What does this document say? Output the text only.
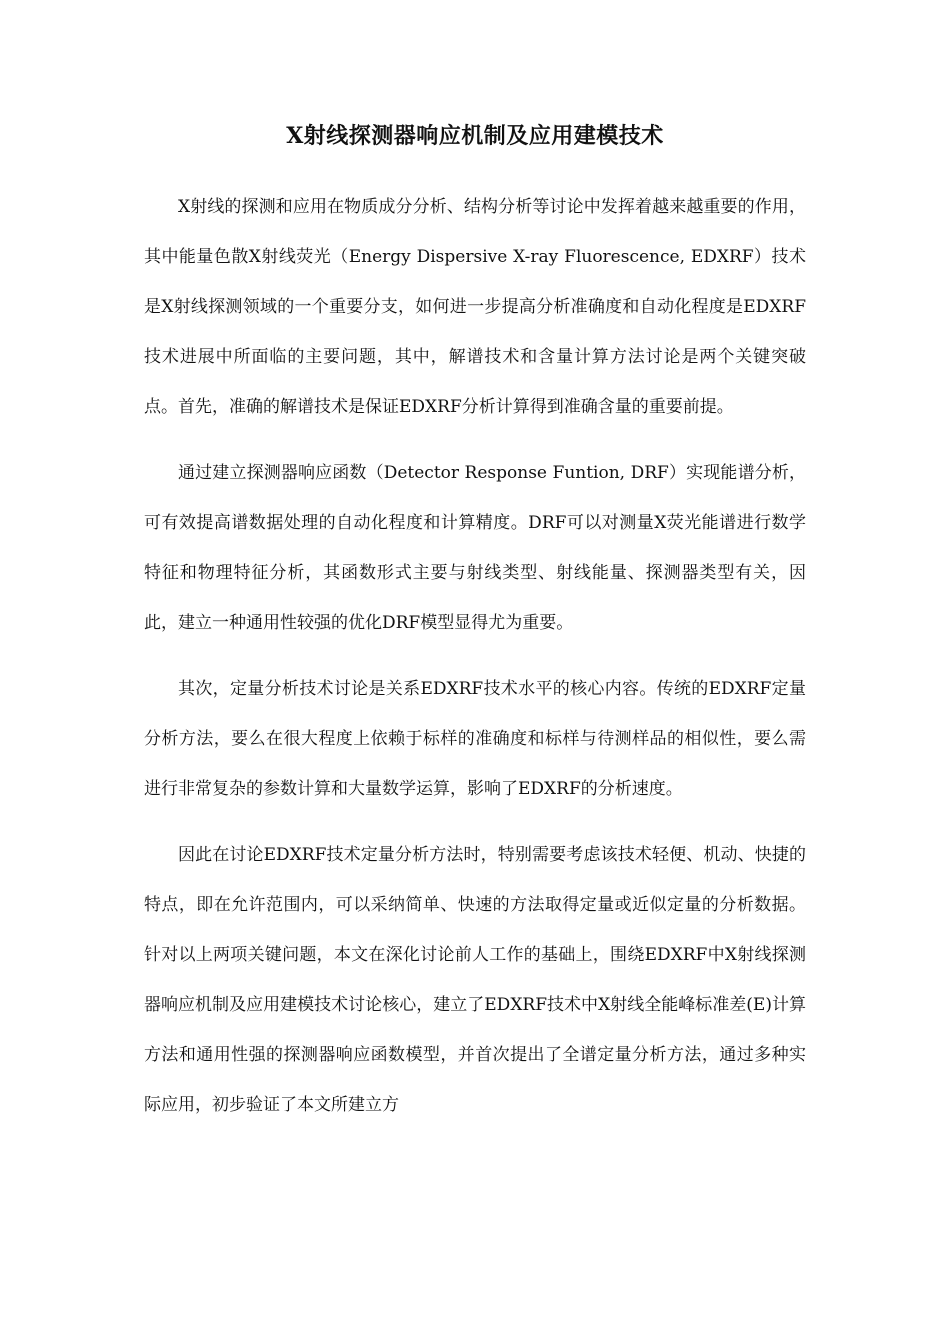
X射线探测器响应机制及应用建模技术

X射线的探测和应用在物质成分分析、结构分析等讨论中发挥着越来越重要的作用，其中能量色散X射线荧光（Energy Dispersive X-ray Fluorescence, EDXRF）技术是X射线探测领域的一个重要分支，如何进一步提高分析准确度和自动化程度是EDXRF技术进展中所面临的主要问题，其中，解谱技术和含量计算方法讨论是两个关键突破点。首先，准确的解谱技术是保证EDXRF分析计算得到准确含量的重要前提。

通过建立探测器响应函数（Detector Response Funtion, DRF）实现能谱分析，可有效提高谱数据处理的自动化程度和计算精度。DRF可以对测量X荧光能谱进行数学特征和物理特征分析，其函数形式主要与射线类型、射线能量、探测器类型有关，因此，建立一种通用性较强的优化DRF模型显得尤为重要。

其次，定量分析技术讨论是关系EDXRF技术水平的核心内容。传统的EDXRF定量分析方法，要么在很大程度上依赖于标样的准确度和标样与待测样品的相似性，要么需进行非常复杂的参数计算和大量数学运算，影响了EDXRF的分析速度。

因此在讨论EDXRF技术定量分析方法时，特别需要考虑该技术轻便、机动、快捷的特点，即在允许范围内，可以采纳简单、快速的方法取得定量或近似定量的分析数据。针对以上两项关键问题，本文在深化讨论前人工作的基础上，围绕EDXRF中X射线探测器响应机制及应用建模技术讨论核心，建立了EDXRF技术中X射线全能峰标准差(E)计算方法和通用性强的探测器响应函数模型，并首次提出了全谱定量分析方法，通过多种实际应用，初步验证了本文所建立方
